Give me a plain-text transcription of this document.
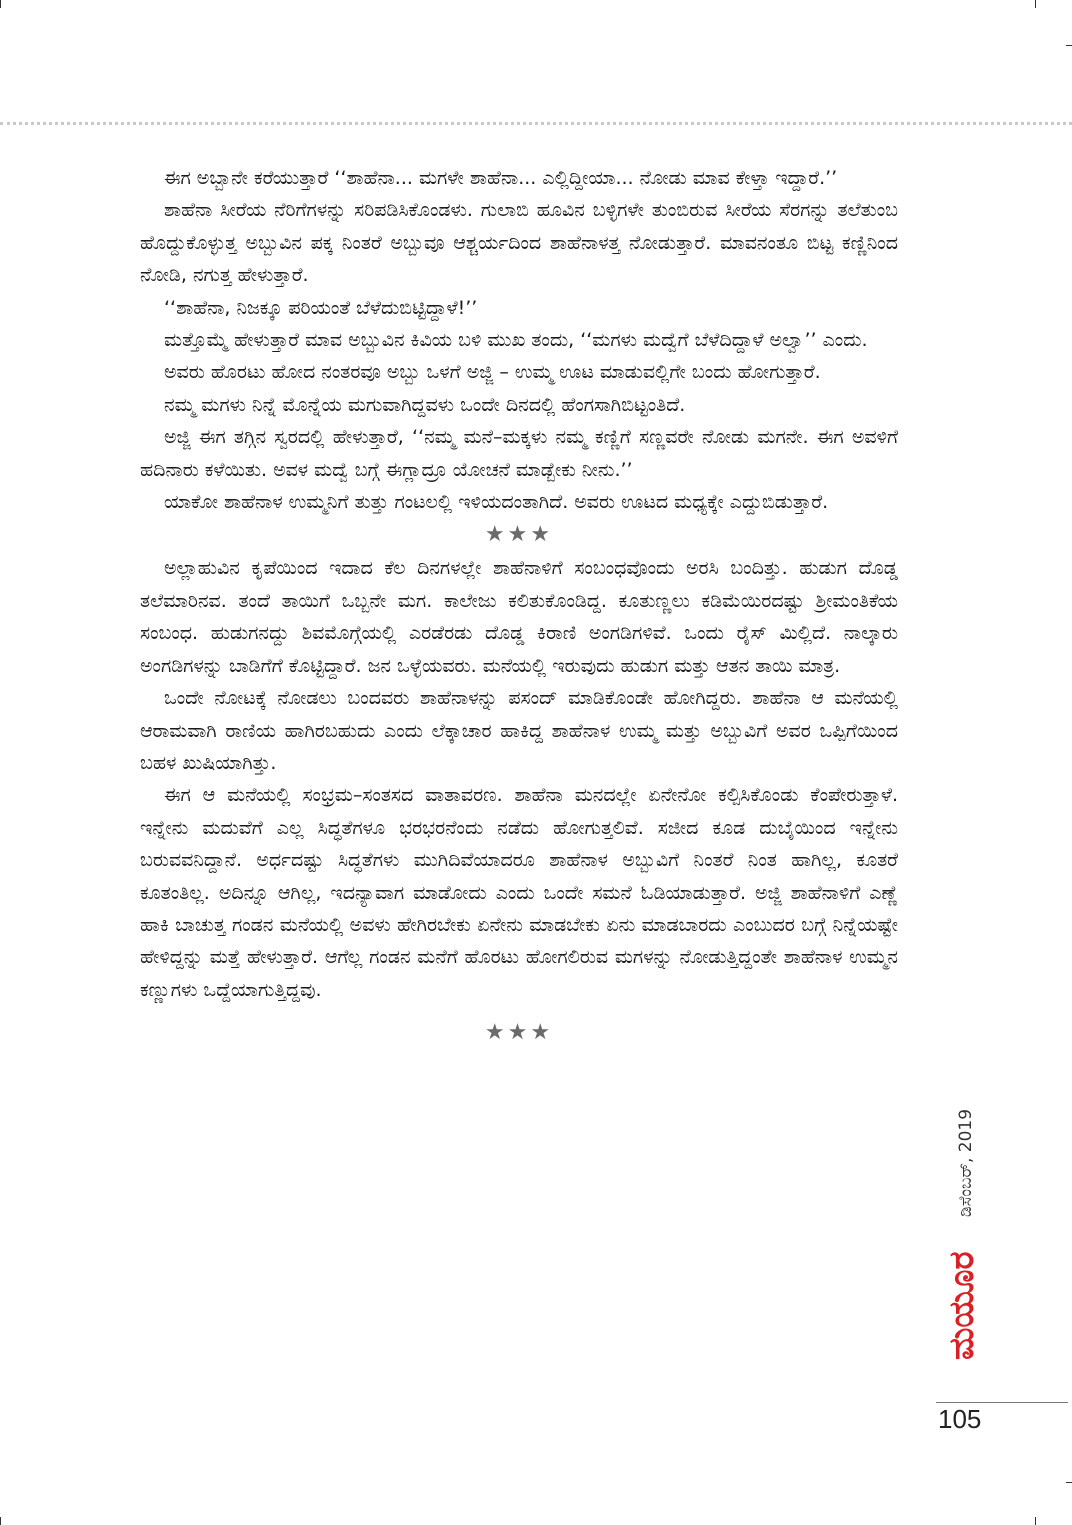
ಈಗ ಅಬ್ಬಾನೇ ಕರೆಯುತ್ತಾರೆ ‘‘ಶಾಹೆನಾ... ಮಗಳೇ ಶಾಹೆನಾ... ಎಲ್ಲಿದ್ದೀಯಾ... ನೋಡು ಮಾವ ಕೇಳ್ತಾ ಇದ್ದಾರೆ.’’

ಶಾಹೆನಾ ಸೀರೆಯ ನೆರಿಗೆಗಳನ್ನು ಸರಿಪಡಿಸಿಕೊಂಡಳು. ಗುಲಾಬಿ ಹೂವಿನ ಬಳ್ಳಿಗಳೇ ತುಂಬಿರುವ ಸೀರೆಯ ಸೆರಗನ್ನು ತಲೆತುಂಬ ಹೊದ್ದುಕೊಳ್ಳುತ್ತ ಅಬ್ಬುವಿನ ಪಕ್ಕ ನಿಂತರೆ ಅಬ್ಬುವೂ ಆಶ್ಚರ್ಯದಿಂದ ಶಾಹೆನಾಳತ್ತ ನೋಡುತ್ತಾರೆ. ಮಾವನಂತೂ ಬಿಟ್ಟ ಕಣ್ಣಿನಿಂದ ನೋಡಿ, ನಗುತ್ತ ಹೇಳುತ್ತಾರೆ.

‘‘ಶಾಹೆನಾ, ನಿಜಕ್ಕೂ ಪರಿಯಂತೆ ಬೆಳೆದುಬಿಟ್ಟಿದ್ದಾಳೆ!’’

ಮತ್ತೊಮ್ಮೆ ಹೇಳುತ್ತಾರೆ ಮಾವ ಅಬ್ಬುವಿನ ಕಿವಿಯ ಬಳಿ ಮುಖ ತಂದು, ‘‘ಮಗಳು ಮದ್ವೆಗೆ ಬೆಳೆದಿದ್ದಾಳೆ ಅಲ್ವಾ’’ ಎಂದು.

ಅವರು ಹೊರಟು ಹೋದ ನಂತರವೂ ಅಬ್ಬು ಒಳಗೆ ಅಜ್ಜಿ – ಉಮ್ಮ ಊಟ ಮಾಡುವಲ್ಲಿಗೇ ಬಂದು ಹೋಗುತ್ತಾರೆ.

ನಮ್ಮ ಮಗಳು ನಿನ್ನೆ ಮೊನ್ನೆಯ ಮಗುವಾಗಿದ್ದವಳು ಒಂದೇ ದಿನದಲ್ಲಿ ಹೆಂಗಸಾಗಿಬಿಟ್ಟಂತಿದೆ.

ಅಜ್ಜಿ ಈಗ ತಗ್ಗಿನ ಸ್ವರದಲ್ಲಿ ಹೇಳುತ್ತಾರೆ, ‘‘ನಮ್ಮ ಮನೆ–ಮಕ್ಕಳು ನಮ್ಮ ಕಣ್ಣಿಗೆ ಸಣ್ಣವರೇ ನೋಡು ಮಗನೇ. ಈಗ ಅವಳಿಗೆ ಹದಿನಾರು ಕಳೆಯಿತು. ಅವಳ ಮದ್ವೆ ಬಗ್ಗೆ ಈಗ್ಲಾದ್ರೂ ಯೋಚನೆ ಮಾಡ್ಬೇಕು ನೀನು.’’

ಯಾಕೋ ಶಾಹೆನಾಳ ಉಮ್ಮನಿಗೆ ತುತ್ತು ಗಂಟಲಲ್ಲಿ ಇಳಿಯದಂತಾಗಿದೆ. ಅವರು ಊಟದ ಮಧ್ಯಕ್ಕೇ ಎದ್ದುಬಿಡುತ್ತಾರೆ.

★★★

ಅಲ್ಲಾಹುವಿನ ಕೃಪೆಯಿಂದ ಇದಾದ ಕೆಲ ದಿನಗಳಲ್ಲೇ ಶಾಹೆನಾಳಿಗೆ ಸಂಬಂಧವೊಂದು ಅರಸಿ ಬಂದಿತ್ತು. ಹುಡುಗ ದೊಡ್ಡ ತಲೆಮಾರಿನವ. ತಂದೆ ತಾಯಿಗೆ ಒಬ್ಬನೇ ಮಗ. ಕಾಲೇಜು ಕಲಿತುಕೊಂಡಿದ್ದ. ಕೂತುಣ್ಣಲು ಕಡಿಮೆಯಿರದಷ್ಟು ಶ್ರೀಮಂತಿಕೆಯ ಸಂಬಂಧ. ಹುಡುಗನದ್ದು ಶಿವಮೊಗ್ಗೆಯಲ್ಲಿ ಎರಡೆರಡು ದೊಡ್ಡ ಕಿರಾಣಿ ಅಂಗಡಿಗಳಿವೆ. ಒಂದು ರೈಸ್ ಮಿಲ್ಲಿದೆ. ನಾಲ್ಕಾರು ಅಂಗಡಿಗಳನ್ನು ಬಾಡಿಗೆಗೆ ಕೊಟ್ಟಿದ್ದಾರೆ. ಜನ ಒಳ್ಳೆಯವರು. ಮನೆಯಲ್ಲಿ ಇರುವುದು ಹುಡುಗ ಮತ್ತು ಆತನ ತಾಯಿ ಮಾತ್ರ.

ಒಂದೇ ನೋಟಕ್ಕೆ ನೋಡಲು ಬಂದವರು ಶಾಹೆನಾಳನ್ನು ಪಸಂದ್ ಮಾಡಿಕೊಂಡೇ ಹೋಗಿದ್ದರು. ಶಾಹೆನಾ ಆ ಮನೆಯಲ್ಲಿ ಆರಾಮವಾಗಿ ರಾಣಿಯ ಹಾಗಿರಬಹುದು ಎಂದು ಲೆಕ್ಕಾಚಾರ ಹಾಕಿದ್ದ ಶಾಹೆನಾಳ ಉಮ್ಮ ಮತ್ತು ಅಬ್ಬುವಿಗೆ ಅವರ ಒಪ್ಪಿಗೆಯಿಂದ ಬಹಳ ಖುಷಿಯಾಗಿತ್ತು.

ಈಗ ಆ ಮನೆಯಲ್ಲಿ ಸಂಭ್ರಮ–ಸಂತಸದ ವಾತಾವರಣ. ಶಾಹೆನಾ ಮನದಲ್ಲೇ ಏನೇನೋ ಕಲ್ಪಿಸಿಕೊಂಡು ಕೆಂಪೇರುತ್ತಾಳೆ. ಇನ್ನೇನು ಮದುವೆಗೆ ಎಲ್ಲ ಸಿದ್ಧತೆಗಳೂ ಭರಭರನೆಂದು ನಡೆದು ಹೋಗುತ್ತಲಿವೆ. ಸಜೀದ ಕೂಡ ದುಬೈಯಿಂದ ಇನ್ನೇನು ಬರುವವನಿದ್ದಾನೆ. ಅರ್ಧದಷ್ಟು ಸಿದ್ಧತೆಗಳು ಮುಗಿದಿವೆಯಾದರೂ ಶಾಹೆನಾಳ ಅಬ್ಬುವಿಗೆ ನಿಂತರೆ ನಿಂತ ಹಾಗಿಲ್ಲ, ಕೂತರೆ ಕೂತಂತಿಲ್ಲ. ಅದಿನ್ನೂ ಆಗಿಲ್ಲ, ಇದನ್ಯಾವಾಗ ಮಾಡೋದು ಎಂದು ಒಂದೇ ಸಮನೆ ಓಡಿಯಾಡುತ್ತಾರೆ. ಅಜ್ಜಿ ಶಾಹೆನಾಳಿಗೆ ಎಣ್ಣೆ ಹಾಕಿ ಬಾಚುತ್ತ ಗಂಡನ ಮನೆಯಲ್ಲಿ ಅವಳು ಹೇಗಿರಬೇಕು ಏನೇನು ಮಾಡಬೇಕು ಏನು ಮಾಡಬಾರದು ಎಂಬುದರ ಬಗ್ಗೆ ನಿನ್ನೆಯಷ್ಟೇ ಹೇಳಿದ್ದನ್ನು ಮತ್ತೆ ಹೇಳುತ್ತಾರೆ. ಆಗೆಲ್ಲ ಗಂಡನ ಮನೆಗೆ ಹೊರಟು ಹೋಗಲಿರುವ ಮಗಳನ್ನು ನೋಡುತ್ತಿದ್ದಂತೇ ಶಾಹೆನಾಳ ಉಮ್ಮನ ಕಣ್ಣುಗಳು ಒದ್ದೆಯಾಗುತ್ತಿದ್ದವು.

★★★

ಡಿಸೆಂಬರ್, 2019
ಮಯೂರ
105
